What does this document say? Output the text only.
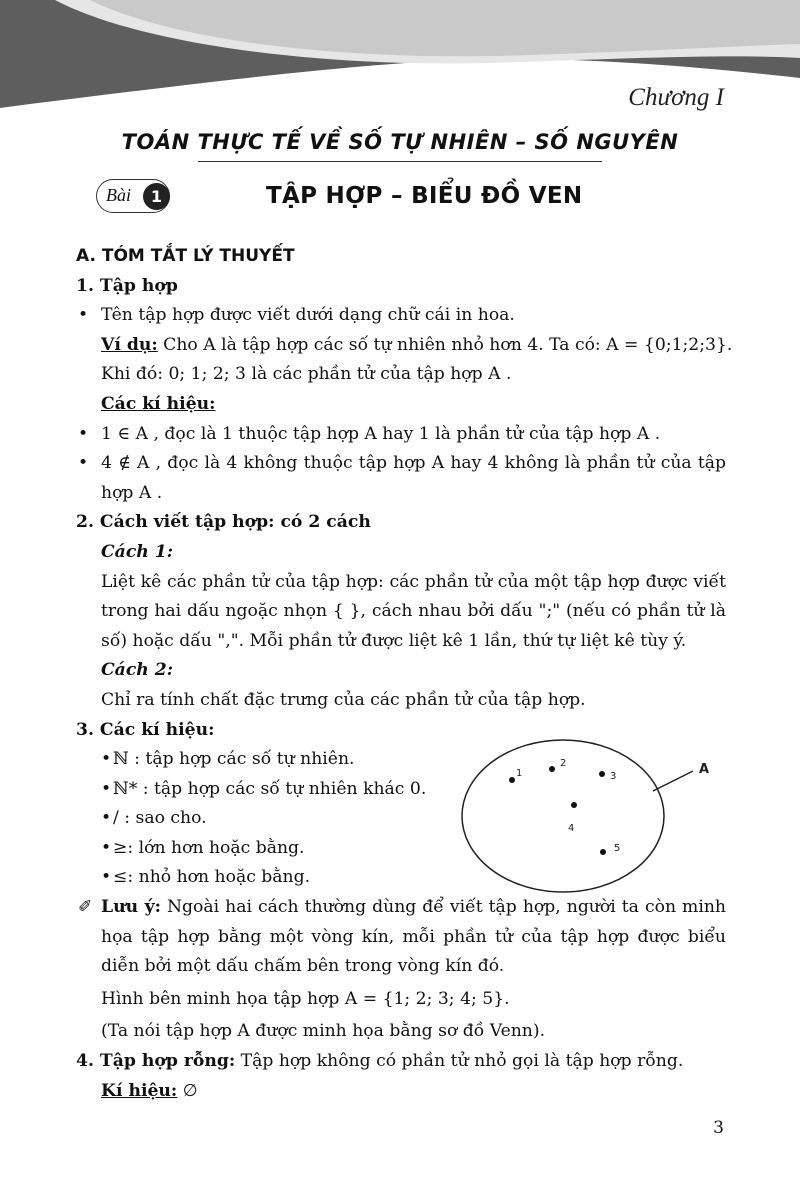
Chương I
TOÁN THỰC TẾ VỀ SỐ TỰ NHIÊN – SỐ NGUYÊN
Bài	1	TẬP HỢP – BIỂU ĐỒ VEN
A. TÓM TẮT LÝ THUYẾT
1. Tập hợp
• Tên tập hợp được viết dưới dạng chữ cái in hoa.
Ví dụ: Cho A là tập hợp các số tự nhiên nhỏ hơn 4. Ta có: A = {0;1;2;3}.
Khi đó: 0; 1; 2; 3 là các phần tử của tập hợp A .
Các kí hiệu:
• 1 ∈ A , đọc là 1 thuộc tập hợp A hay 1 là phần tử của tập hợp A .
• 4 ∉ A , đọc là 4 không thuộc tập hợp A hay 4 không là phần tử của tập
hợp A .
2. Cách viết tập hợp: có 2 cách
Cách 1:
Liệt kê các phần tử của tập hợp: các phần tử của một tập hợp được viết
trong hai dấu ngoặc nhọn { }, cách nhau bởi dấu ";" (nếu có phần tử là
số) hoặc dấu ",". Mỗi phần tử được liệt kê 1 lần, thứ tự liệt kê tùy ý.
Cách 2:
Chỉ ra tính chất đặc trưng của các phần tử của tập hợp.
3. Các kí hiệu:
• ℕ : tập hợp các số tự nhiên.
• ℕ* : tập hợp các số tự nhiên khác 0.
• / : sao cho.
• ≥: lớn hơn hoặc bằng.
• ≤: nhỏ hơn hoặc bằng.
✐ Lưu ý: Ngoài hai cách thường dùng để viết tập hợp, người ta còn minh
họa tập hợp bằng một vòng kín, mỗi phần tử của tập hợp được biểu
diễn bởi một dấu chấm bên trong vòng kín đó.
Hình bên minh họa tập hợp A = {1; 2; 3; 4; 5}.
(Ta nói tập hợp A được minh họa bằng sơ đồ Venn).
4. Tập hợp rỗng: Tập hợp không có phần tử nhỏ gọi là tập hợp rỗng.
Kí hiệu: ∅
A
1
2
3
4
5
3
